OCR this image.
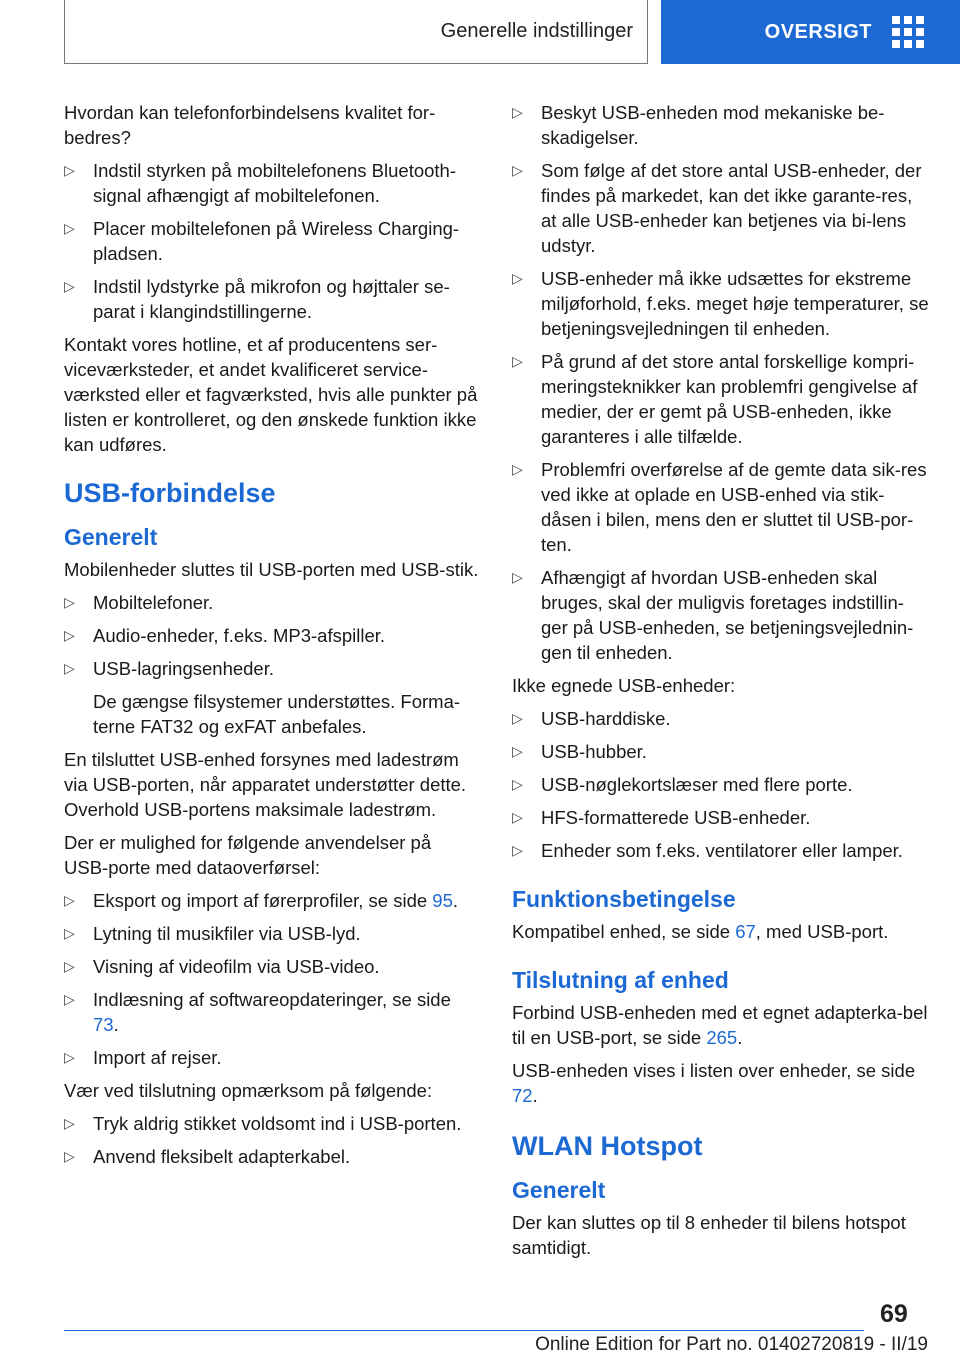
Generelle indstillinger	OVERSIGT
Hvordan kan telefonforbindelsens kvalitet for-bedres?
▷ Indstil styrken på mobiltelefonens Bluetooth-signal afhængigt af mobiltelefonen.
▷ Placer mobiltelefonen på Wireless Charging-pladsen.
▷ Indstil lydstyrke på mikrofon og højttaler se-parat i klangindstillingerne.
Kontakt vores hotline, et af producentens ser-viceværksteder, et andet kvalificeret service-værksted eller et fagværksted, hvis alle punkter på listen er kontrolleret, og den ønskede funktion ikke kan udføres.
USB-forbindelse
Generelt
Mobilenheder sluttes til USB-porten med USB-stik.
▷ Mobiltelefoner.
▷ Audio-enheder, f.eks. MP3-afspiller.
▷ USB-lagringsenheder.
De gængse filsystemer understøttes. Forma-terne FAT32 og exFAT anbefales.
En tilsluttet USB-enhed forsynes med ladestrøm via USB-porten, når apparatet understøtter dette. Overhold USB-portens maksimale ladestrøm.
Der er mulighed for følgende anvendelser på USB-porte med dataoverførsel:
▷ Eksport og import af førerprofiler, se side 95.
▷ Lytning til musikfiler via USB-lyd.
▷ Visning af videofilm via USB-video.
▷ Indlæsning af softwareopdateringer, se side 73.
▷ Import af rejser.
Vær ved tilslutning opmærksom på følgende:
▷ Tryk aldrig stikket voldsomt ind i USB-porten.
▷ Anvend fleksibelt adapterkabel.
▷ Beskyt USB-enheden mod mekaniske be-skadigelser.
▷ Som følge af det store antal USB-enheder, der findes på markedet, kan det ikke garante-res, at alle USB-enheder kan betjenes via bi-lens udstyr.
▷ USB-enheder må ikke udsættes for ekstreme miljøforhold, f.eks. meget høje temperaturer, se betjeningsvejledningen til enheden.
▷ På grund af det store antal forskellige kompri-meringsteknikker kan problemfri gengivelse af medier, der er gemt på USB-enheden, ikke garanteres i alle tilfælde.
▷ Problemfri overførelse af de gemte data sik-res ved ikke at oplade en USB-enhed via stik-dåsen i bilen, mens den er sluttet til USB-por-ten.
▷ Afhængigt af hvordan USB-enheden skal bruges, skal der muligvis foretages indstillin-ger på USB-enheden, se betjeningsvejlednin-gen til enheden.
Ikke egnede USB-enheder:
▷ USB-harddiske.
▷ USB-hubber.
▷ USB-nøglekortslæser med flere porte.
▷ HFS-formatterede USB-enheder.
▷ Enheder som f.eks. ventilatorer eller lamper.
Funktionsbetingelse
Kompatibel enhed, se side 67, med USB-port.
Tilslutning af enhed
Forbind USB-enheden med et egnet adapterka-bel til en USB-port, se side 265.
USB-enheden vises i listen over enheder, se side 72.
WLAN Hotspot
Generelt
Der kan sluttes op til 8 enheder til bilens hotspot samtidigt.
69
Online Edition for Part no. 01402720819 - II/19
